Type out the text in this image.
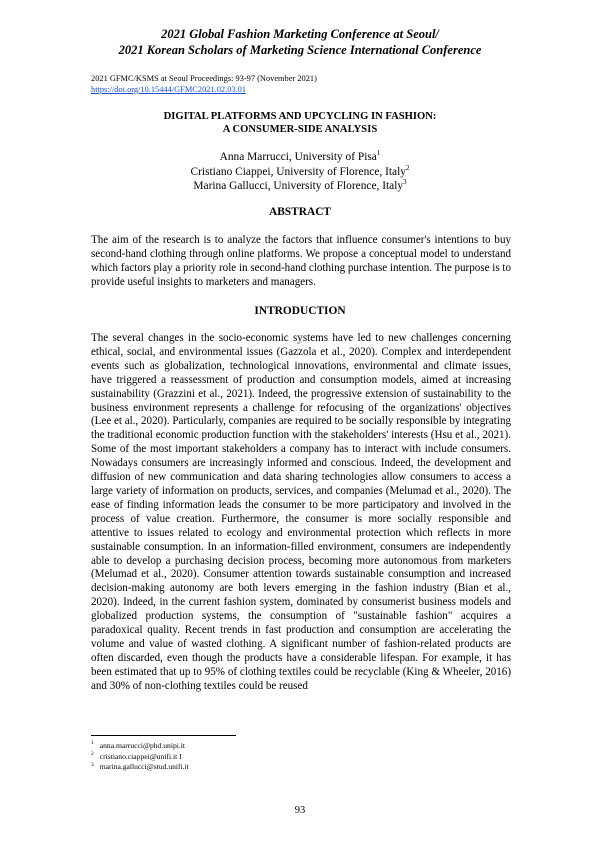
2021 Global Fashion Marketing Conference at Seoul/
2021 Korean Scholars of Marketing Science International Conference
2021 GFMC/KSMS at Seoul Proceedings: 93-97 (November 2021)
https://doi.org/10.15444/GFMC2021.02.03.01
DIGITAL PLATFORMS AND UPCYCLING IN FASHION:
A CONSUMER-SIDE ANALYSIS
Anna Marrucci, University of Pisa$^1$
Cristiano Ciappei, University of Florence, Italy$^2$
Marina Gallucci, University of Florence, Italy$^3$
ABSTRACT
The aim of the research is to analyze the factors that influence consumer's intentions to buy second-hand clothing through online platforms. We propose a conceptual model to understand which factors play a priority role in second-hand clothing purchase intention. The purpose is to provide useful insights to marketers and managers.
INTRODUCTION
The several changes in the socio-economic systems have led to new challenges concerning ethical, social, and environmental issues (Gazzola et al., 2020). Complex and interdependent events such as globalization, technological innovations, environmental and climate issues, have triggered a reassessment of production and consumption models, aimed at increasing sustainability (Grazzini et al., 2021). Indeed, the progressive extension of sustainability to the business environment represents a challenge for refocusing of the organizations' objectives (Lee et al., 2020). Particularly, companies are required to be socially responsible by integrating the traditional economic production function with the stakeholders' interests (Hsu et al., 2021). Some of the most important stakeholders a company has to interact with include consumers. Nowadays consumers are increasingly informed and conscious. Indeed, the development and diffusion of new communication and data sharing technologies allow consumers to access a large variety of information on products, services, and companies (Melumad et al., 2020). The ease of finding information leads the consumer to be more participatory and involved in the process of value creation. Furthermore, the consumer is more socially responsible and attentive to issues related to ecology and environmental protection which reflects in more sustainable consumption. In an information-filled environment, consumers are independently able to develop a purchasing decision process, becoming more autonomous from marketers (Melumad et al., 2020). Consumer attention towards sustainable consumption and increased decision-making autonomy are both levers emerging in the fashion industry (Bian et al., 2020). Indeed, in the current fashion system, dominated by consumerist business models and globalized production systems, the consumption of "sustainable fashion" acquires a paradoxical quality. Recent trends in fast production and consumption are accelerating the volume and value of wasted clothing. A significant number of fashion-related products are often discarded, even though the products have a considerable lifespan. For example, it has been estimated that up to 95% of clothing textiles could be recyclable (King & Wheeler, 2016) and 30% of non-clothing textiles could be reused
$^1$ anna.marrucci@phd.unipi.it
$^2$ cristiano.ciappei@unifi.it I
$^3$ marina.gallucci@stud.unifi.it
93
